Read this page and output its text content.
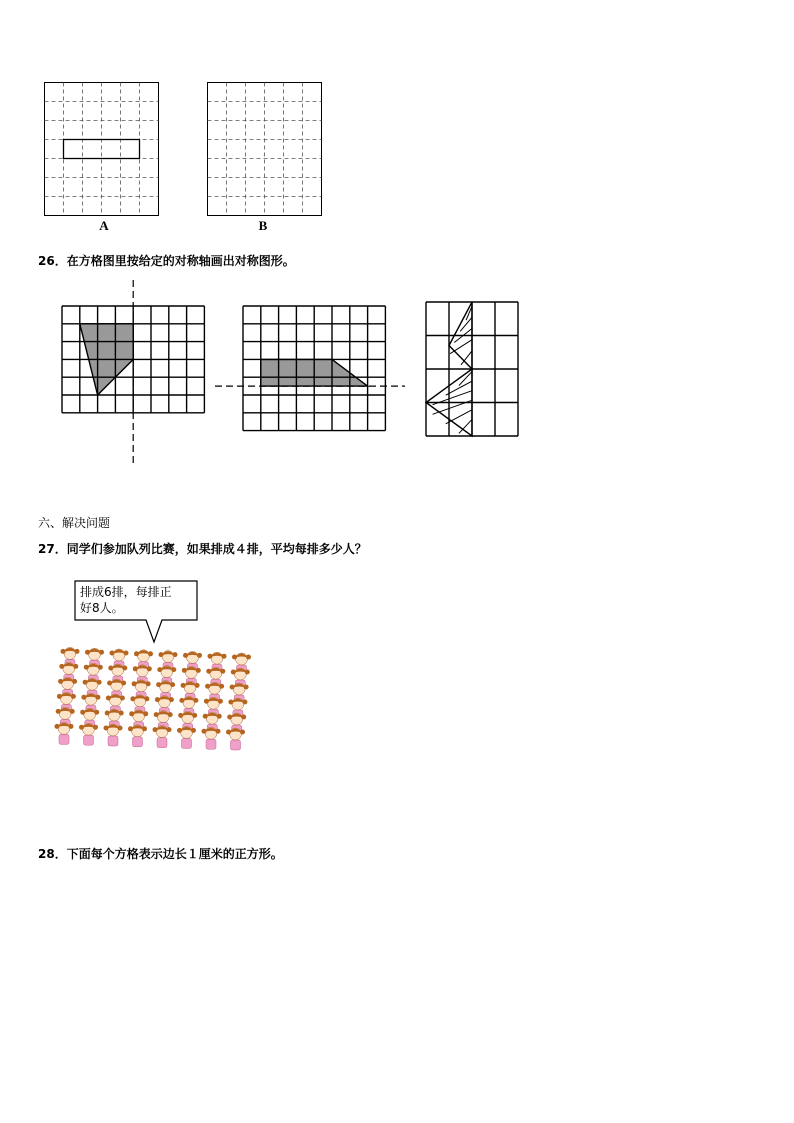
A	B
26．在方格图里按给定的对称轴画出对称图形。
六、解决问题
27．同学们参加队列比赛，如果排成４排，平均每排多少人？
排成6排，每排正
好8人。
28．下面每个方格表示边长１厘米的正方形。
